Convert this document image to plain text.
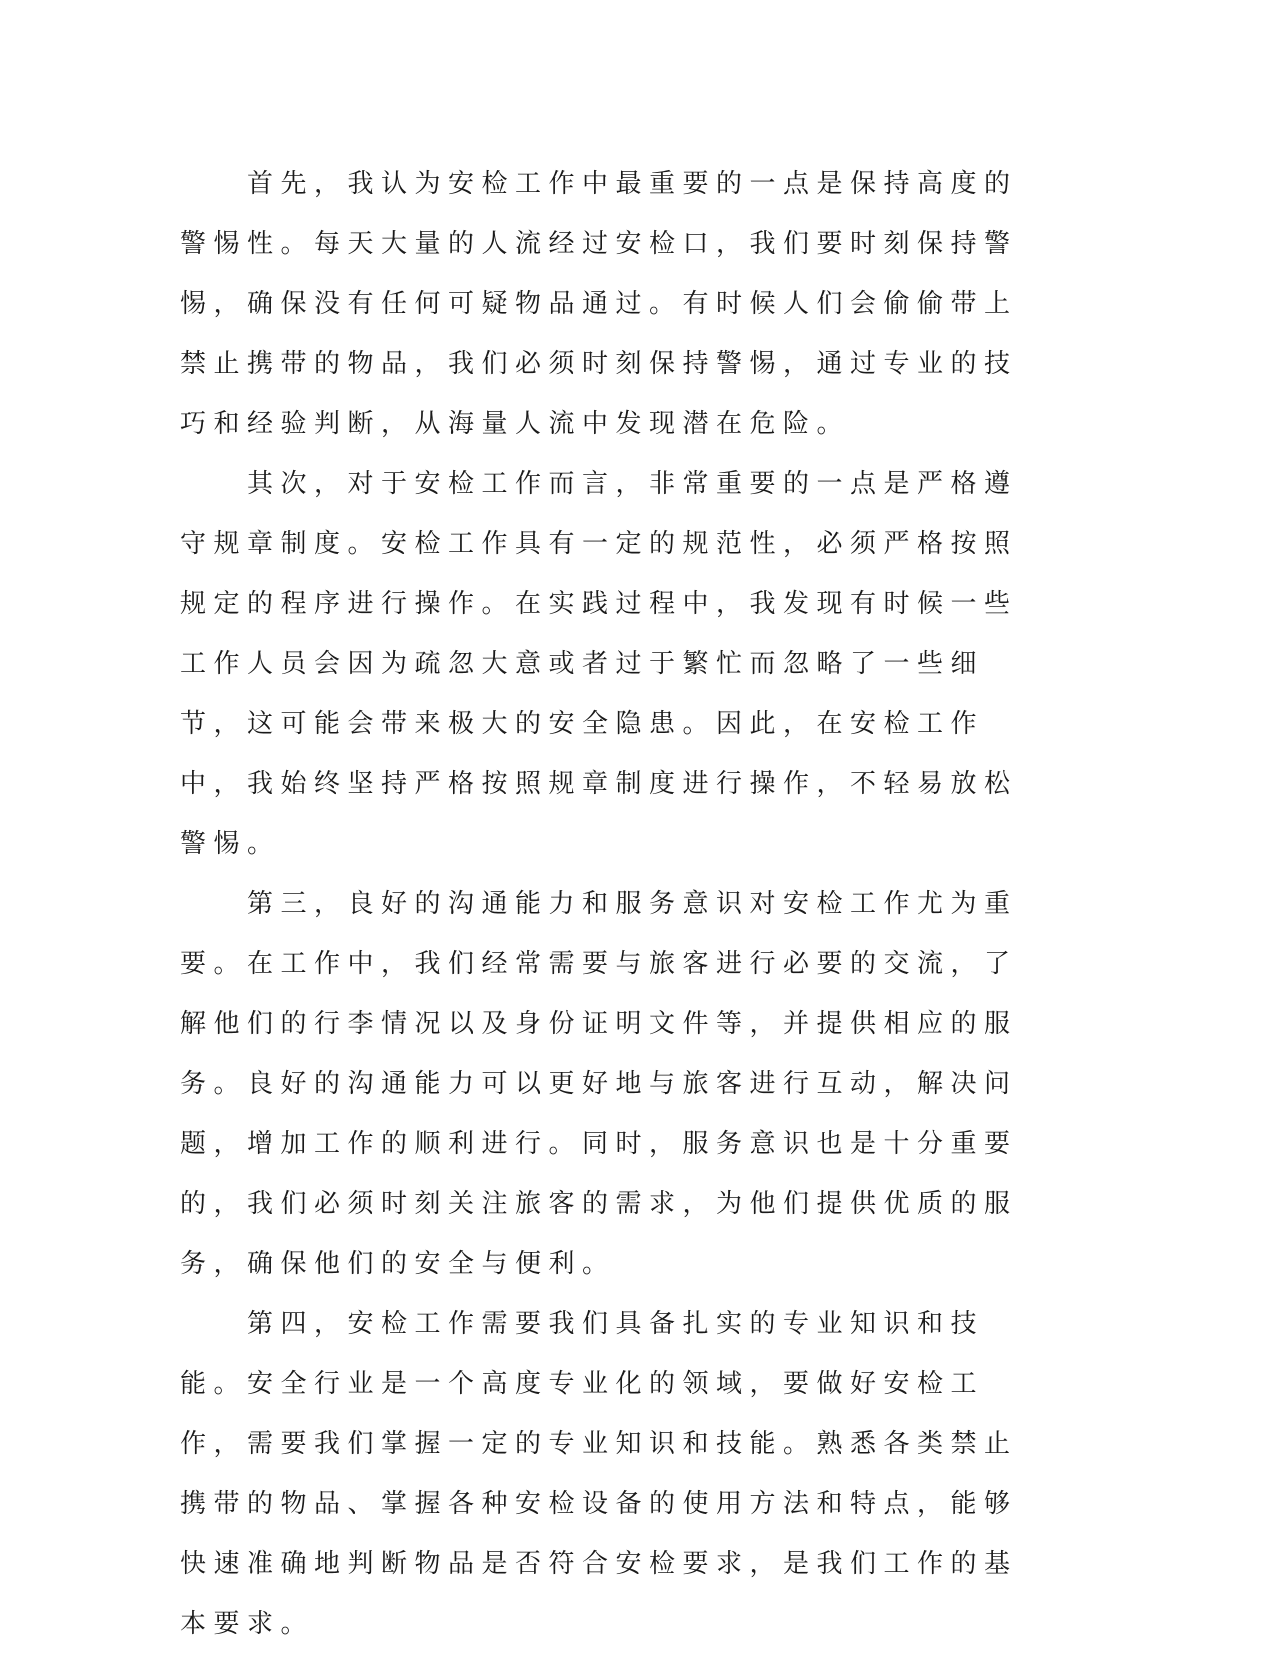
首先，我认为安检工作中最重要的一点是保持高度的警惕性。每天大量的人流经过安检口，我们要时刻保持警惕，确保没有任何可疑物品通过。有时候人们会偷偷带上禁止携带的物品，我们必须时刻保持警惕，通过专业的技巧和经验判断，从海量人流中发现潜在危险。

其次，对于安检工作而言，非常重要的一点是严格遵守规章制度。安检工作具有一定的规范性，必须严格按照规定的程序进行操作。在实践过程中，我发现有时候一些工作人员会因为疏忽大意或者过于繁忙而忽略了一些细节，这可能会带来极大的安全隐患。因此，在安检工作中，我始终坚持严格按照规章制度进行操作，不轻易放松警惕。

第三，良好的沟通能力和服务意识对安检工作尤为重要。在工作中，我们经常需要与旅客进行必要的交流，了解他们的行李情况以及身份证明文件等，并提供相应的服务。良好的沟通能力可以更好地与旅客进行互动，解决问题，增加工作的顺利进行。同时，服务意识也是十分重要的，我们必须时刻关注旅客的需求，为他们提供优质的服务，确保他们的安全与便利。

第四，安检工作需要我们具备扎实的专业知识和技能。安全行业是一个高度专业化的领域，要做好安检工作，需要我们掌握一定的专业知识和技能。熟悉各类禁止携带的物品、掌握各种安检设备的使用方法和特点，能够快速准确地判断物品是否符合安检要求，是我们工作的基本要求。
